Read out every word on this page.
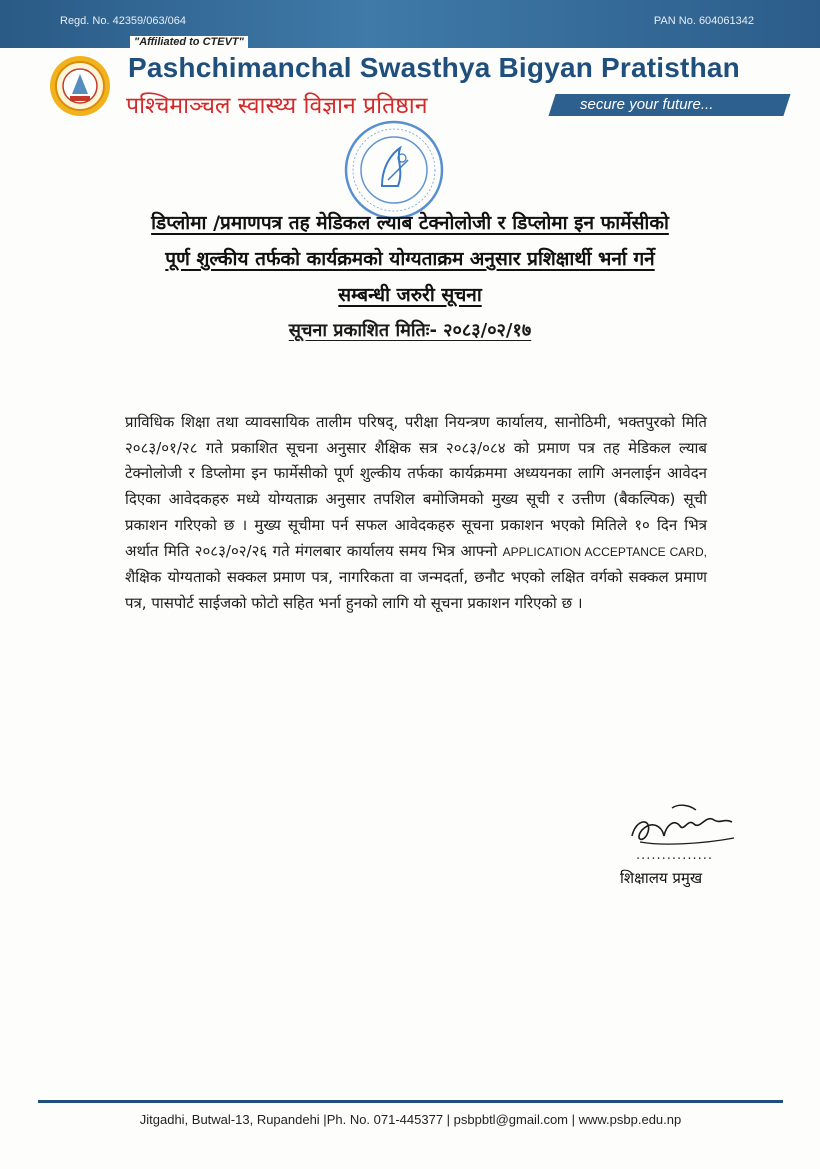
Regd. No. 42359/063/064	PAN No. 604061342
"Affiliated to CTEVT"
Pashchimanchal Swasthya Bigyan Pratisthan
पश्चिमाञ्चल स्वास्थ्य विज्ञान प्रतिष्ठान	secure your future...
डिप्लोमा /प्रमाणपत्र तह मेडिकल ल्याब टेक्नोलोजी र डिप्लोमा इन फार्मेसीको
पूर्ण शुल्कीय तर्फको कार्यक्रमको योग्यताक्रम अनुसार प्रशिक्षार्थी भर्ना गर्ने
सम्बन्धी जरुरी सूचना
सूचना प्रकाशित मितिः- २०८३/०२/१७
प्राविधिक शिक्षा तथा व्यावसायिक तालीम परिषद्, परीक्षा नियन्त्रण कार्यालय, सानोठिमी, भक्तपुरको मिति २०८३/०१/२८ गते प्रकाशित सूचना अनुसार शैक्षिक सत्र २०८३/०८४ को प्रमाण पत्र तह मेडिकल ल्याब टेक्नोलोजी र डिप्लोमा इन फार्मेसीको पूर्ण शुल्कीय तर्फका कार्यक्रममा अध्ययनका लागि अनलाईन आवेदन दिएका आवेदकहरु मध्ये योग्यताक्र अनुसार तपशिल बमोजिमको मुख्य सूची र उत्तीण (बैकल्पिक) सूची प्रकाशन गरिएको छ । मुख्य सूचीमा पर्न सफल आवेदकहरु सूचना प्रकाशन भएको मितिले १० दिन भित्र अर्थात मिति २०८३/०२/२६ गते मंगलबार कार्यालय समय भित्र आफ्नो APPLICATION ACCEPTANCE CARD, शैक्षिक योग्यताको सक्कल प्रमाण पत्र, नागरिकता वा जन्मदर्ता, छनौट भएको लक्षित वर्गको सक्कल प्रमाण पत्र, पासपोर्ट साईजको फोटो सहित भर्ना हुनको लागि यो सूचना प्रकाशन गरिएको छ ।
...............
शिक्षालय प्रमुख
Jitgadhi, Butwal-13, Rupandehi |Ph. No. 071-445377 | psbpbtl@gmail.com | www.psbp.edu.np
